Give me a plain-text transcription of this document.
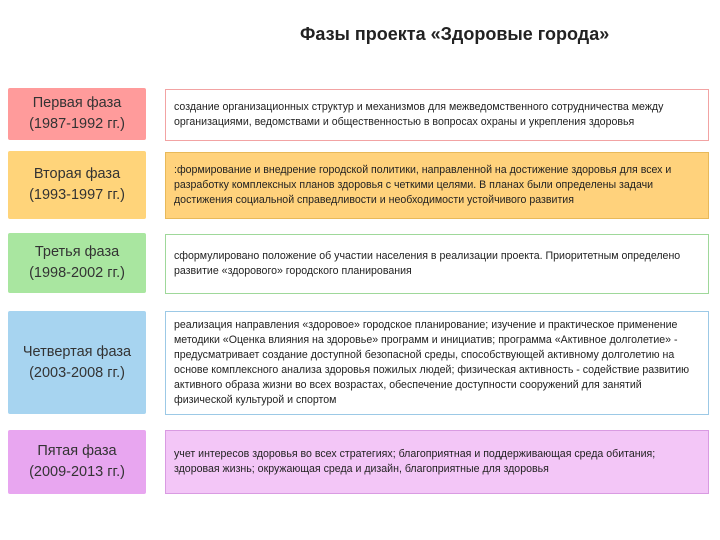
Фазы проекта «Здоровые города»
Первая фаза
(1987-1992 гг.)
создание организационных структур и механизмов для межведомственного сотрудничества между организациями, ведомствами и общественностью в вопросах охраны и укрепления здоровья
Вторая фаза
(1993-1997 гг.)
:формирование и внедрение городской политики, направленной на достижение здоровья для всех и разработку комплексных планов здоровья с четкими целями. В планах были определены задачи достижения социальной справедливости и необходимости устойчивого развития
Третья фаза
(1998-2002 гг.)
сформулировано положение об участии населения в реализации проекта. Приоритетным определено развитие «здорового» городского планирования
Четвертая фаза
(2003-2008 гг.)
реализация направления «здоровое» городское планирование; изучение и практическое применение методики «Оценка влияния на здоровье» программ и инициатив; программа «Активное долголетие» - предусматривает создание доступной безопасной среды, способствующей активному долголетию на основе комплексного анализа здоровья пожилых людей; физическая активность - содействие развитию активного образа жизни во всех возрастах, обеспечение доступности сооружений для занятий физической культурой и спортом
Пятая фаза
(2009-2013 гг.)
учет интересов здоровья во всех стратегиях; благоприятная и поддерживающая среда обитания; здоровая жизнь; окружающая среда и дизайн, благоприятные для здоровья
